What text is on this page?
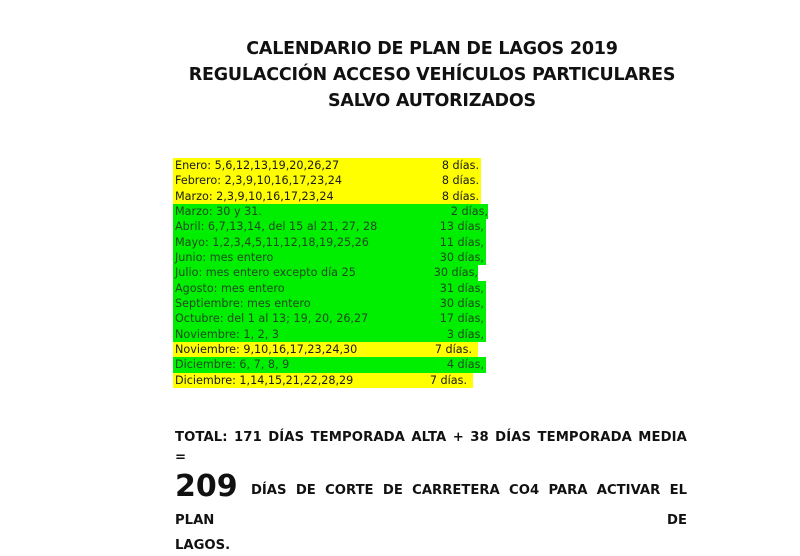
CALENDARIO DE PLAN DE LAGOS 2019
REGULACCIÓN ACCESO VEHÍCULOS PARTICULARES
SALVO AUTORIZADOS
Enero: 5,6,12,13,19,20,26,27	8 días.
Febrero: 2,3,9,10,16,17,23,24	8 días.
Marzo: 2,3,9,10,16,17,23,24	8 días.
Marzo: 30 y 31.	2 días,
Abril: 6,7,13,14, del 15 al 21, 27, 28	13 días,
Mayo: 1,2,3,4,5,11,12,18,19,25,26	11 días,
Junio: mes entero	30 días,
Julio: mes entero excepto día 25	30 días,
Agosto: mes entero	31 días,
Septiembre: mes entero	30 días,
Octubre: del 1 al 13; 19, 20, 26,27	17 días,
Noviembre: 1, 2, 3	3 días,
Noviembre: 9,10,16,17,23,24,30	7 días.
Diciembre: 6, 7, 8, 9	4 días,
Diciembre: 1,14,15,21,22,28,29	7 días.
TOTAL: 171 DÍAS TEMPORADA ALTA + 38 DÍAS TEMPORADA MEDIA =
209 DÍAS DE CORTE DE CARRETERA CO4 PARA ACTIVAR EL PLAN DE
LAGOS.
